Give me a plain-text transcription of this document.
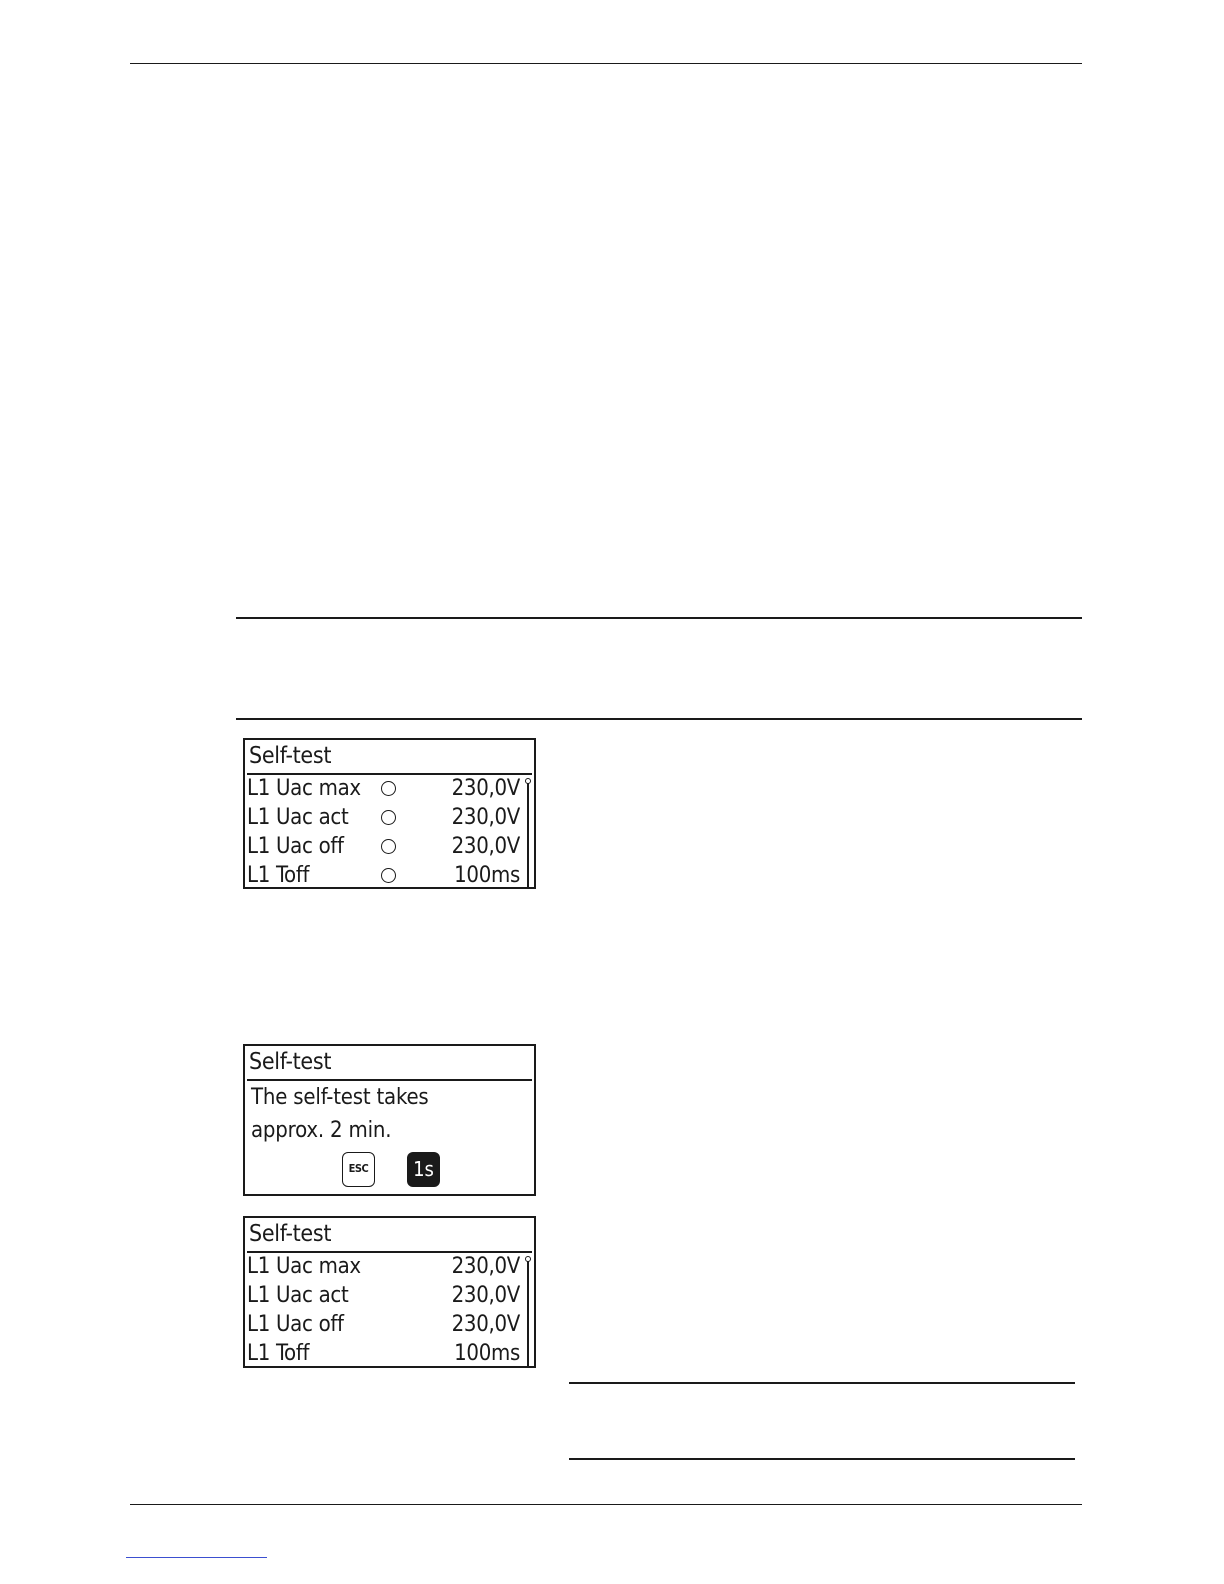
Self-test
L1 Uac max	230,0V
L1 Uac act	230,0V
L1 Uac off	230,0V
L1 Toff	100ms
Self-test
The self-test takes
approx. 2 min.
ESC	1s
Self-test
L1 Uac max	230,0V
L1 Uac act	230,0V
L1 Uac off	230,0V
L1 Toff	100ms
